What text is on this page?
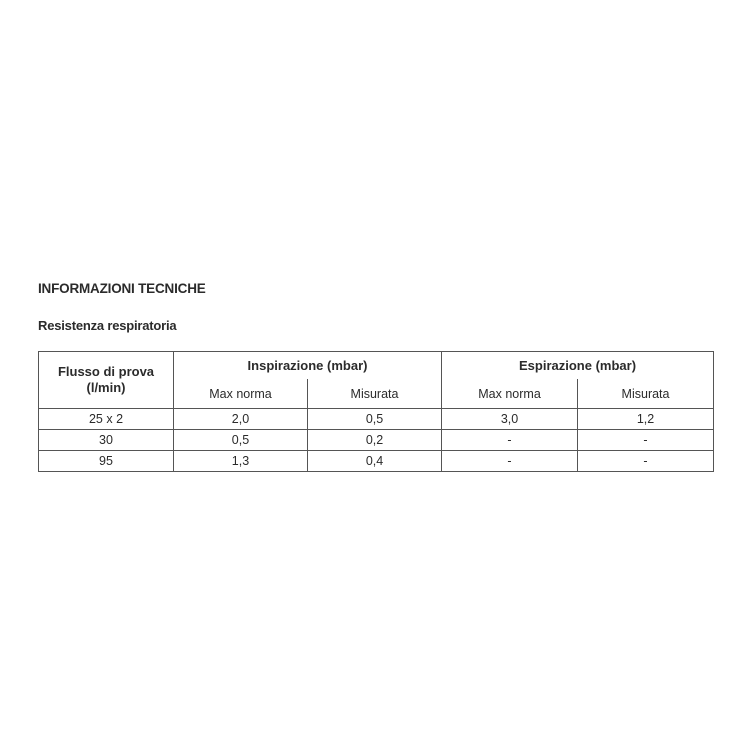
INFORMAZIONI TECNICHE
Resistenza respiratoria
Flusso di prova
(l/min)	Inspirazione (mbar)		Espirazione (mbar)	
	Max norma	Misurata	Max norma	Misurata
25 x 2	2,0	0,5	3,0	1,2
30	0,5	0,2	-	-
95	1,3	0,4	-	-
